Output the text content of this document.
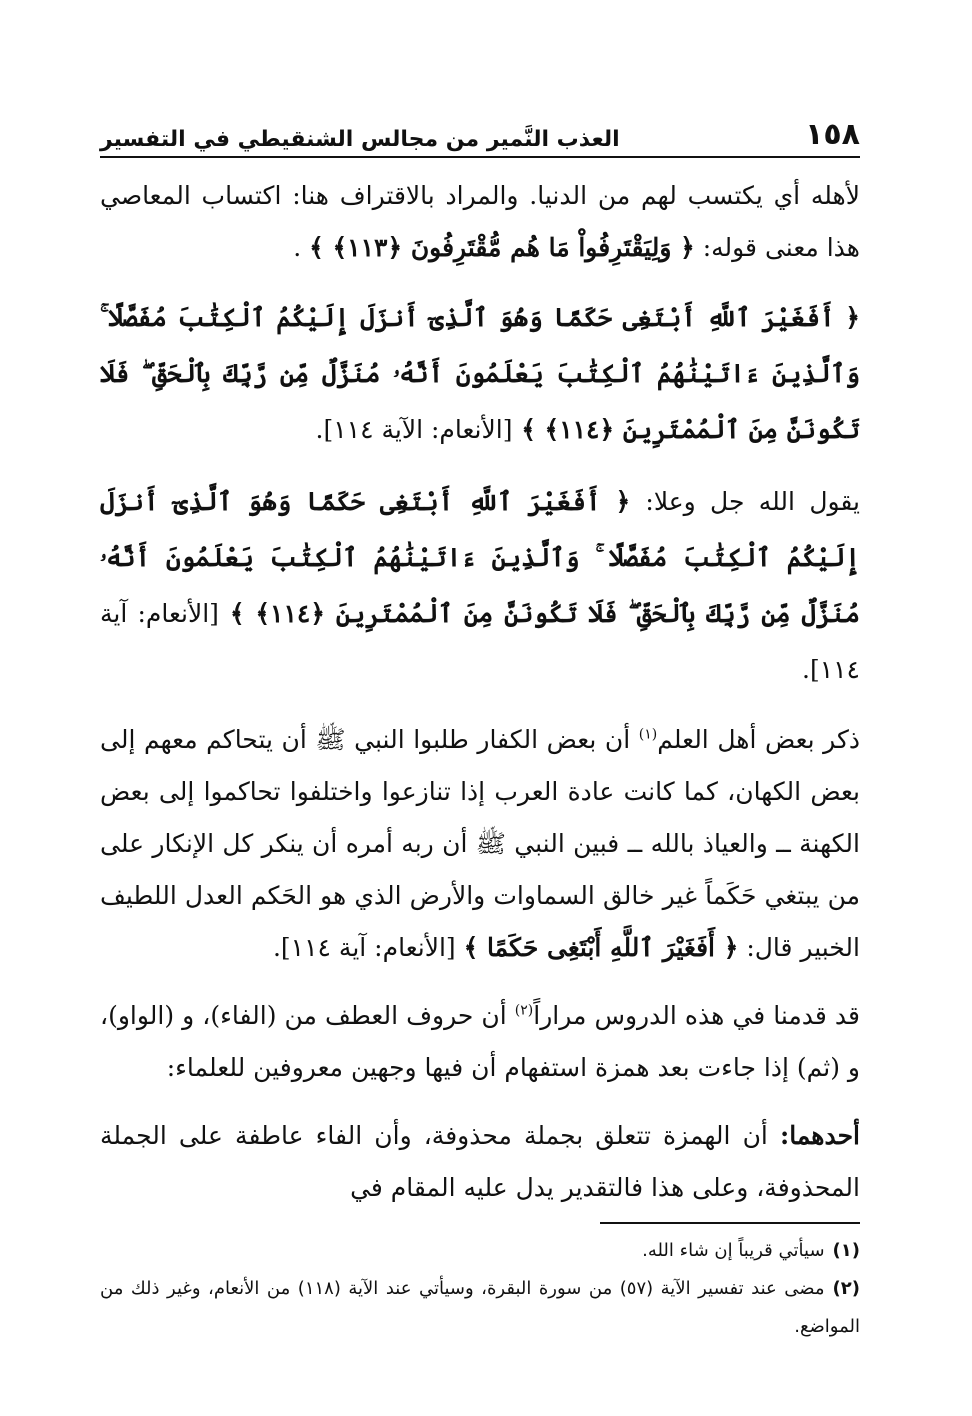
١٥٨
العذب النَّمير من مجالس الشنقيطي في التفسير

لأهله أي يكتسب لهم من الدنيا. والمراد بالاقتراف هنا: اكتساب المعاصي هذا معنى قوله: ﴿ وَلِيَقْتَرِفُواْ مَا هُم مُّقْتَرِفُونَ ﴿١١٣﴾ ﴾ .

﴿ أَفَغَيْرَ ٱللَّهِ أَبْتَغِى حَكَمًا وَهُوَ ٱلَّذِىٓ أَنزَلَ إِلَيْكُمُ ٱلْكِتَٰبَ مُفَصَّلًا ۚ وَٱلَّذِينَ ءَاتَيْنَٰهُمُ ٱلْكِتَٰبَ يَعْلَمُونَ أَنَّهُۥ مُنَزَّلٌ مِّن رَّبِّكَ بِٱلْحَقِّ ۖ فَلَا تَكُونَنَّ مِنَ ٱلْمُمْتَرِينَ ﴿١١٤﴾ ﴾ [الأنعام: الآية ١١٤].

يقول الله جل وعلا: ﴿ أَفَغَيْرَ ٱللَّهِ أَبْتَغِى حَكَمًا وَهُوَ ٱلَّذِىٓ أَنزَلَ إِلَيْكُمُ ٱلْكِتَٰبَ مُفَصَّلًا ۚ وَٱلَّذِينَ ءَاتَيْنَٰهُمُ ٱلْكِتَٰبَ يَعْلَمُونَ أَنَّهُۥ مُنَزَّلٌ مِّن رَّبِّكَ بِٱلْحَقِّ ۖ فَلَا تَكُونَنَّ مِنَ ٱلْمُمْتَرِينَ ﴿١١٤﴾ ﴾ [الأنعام: آية ١١٤].

ذكر بعض أهل العلم$^{(١)}$ أن بعض الكفار طلبوا النبي ﷺ أن يتحاكم معهم إلى بعض الكهان، كما كانت عادة العرب إذا تنازعوا واختلفوا تحاكموا إلى بعض الكهنة ــ والعياذ بالله ــ فبين النبي ﷺ أن ربه أمره أن ينكر كل الإنكار على من يبتغي حَكَماً غير خالق السماوات والأرض الذي هو الحَكم العدل اللطيف الخبير قال: ﴿ أَفَغَيْرَ ٱللَّهِ أَبْتَغِى حَكَمًا ﴾ [الأنعام: آية ١١٤].

قد قدمنا في هذه الدروس مراراً$^{(٢)}$ أن حروف العطف من (الفاء)، و (الواو)، و (ثم) إذا جاءت بعد همزة استفهام أن فيها وجهين معروفين للعلماء:

أحدهما: أن الهمزة تتعلق بجملة محذوفة، وأن الفاء عاطفة على الجملة المحذوفة، وعلى هذا فالتقدير يدل عليه المقام في

(١)سيأتي قريباً إن شاء الله.

(٢)مضى عند تفسير الآية (٥٧) من سورة البقرة، وسيأتي عند الآية (١١٨) من الأنعام، وغير ذلك من المواضع.
